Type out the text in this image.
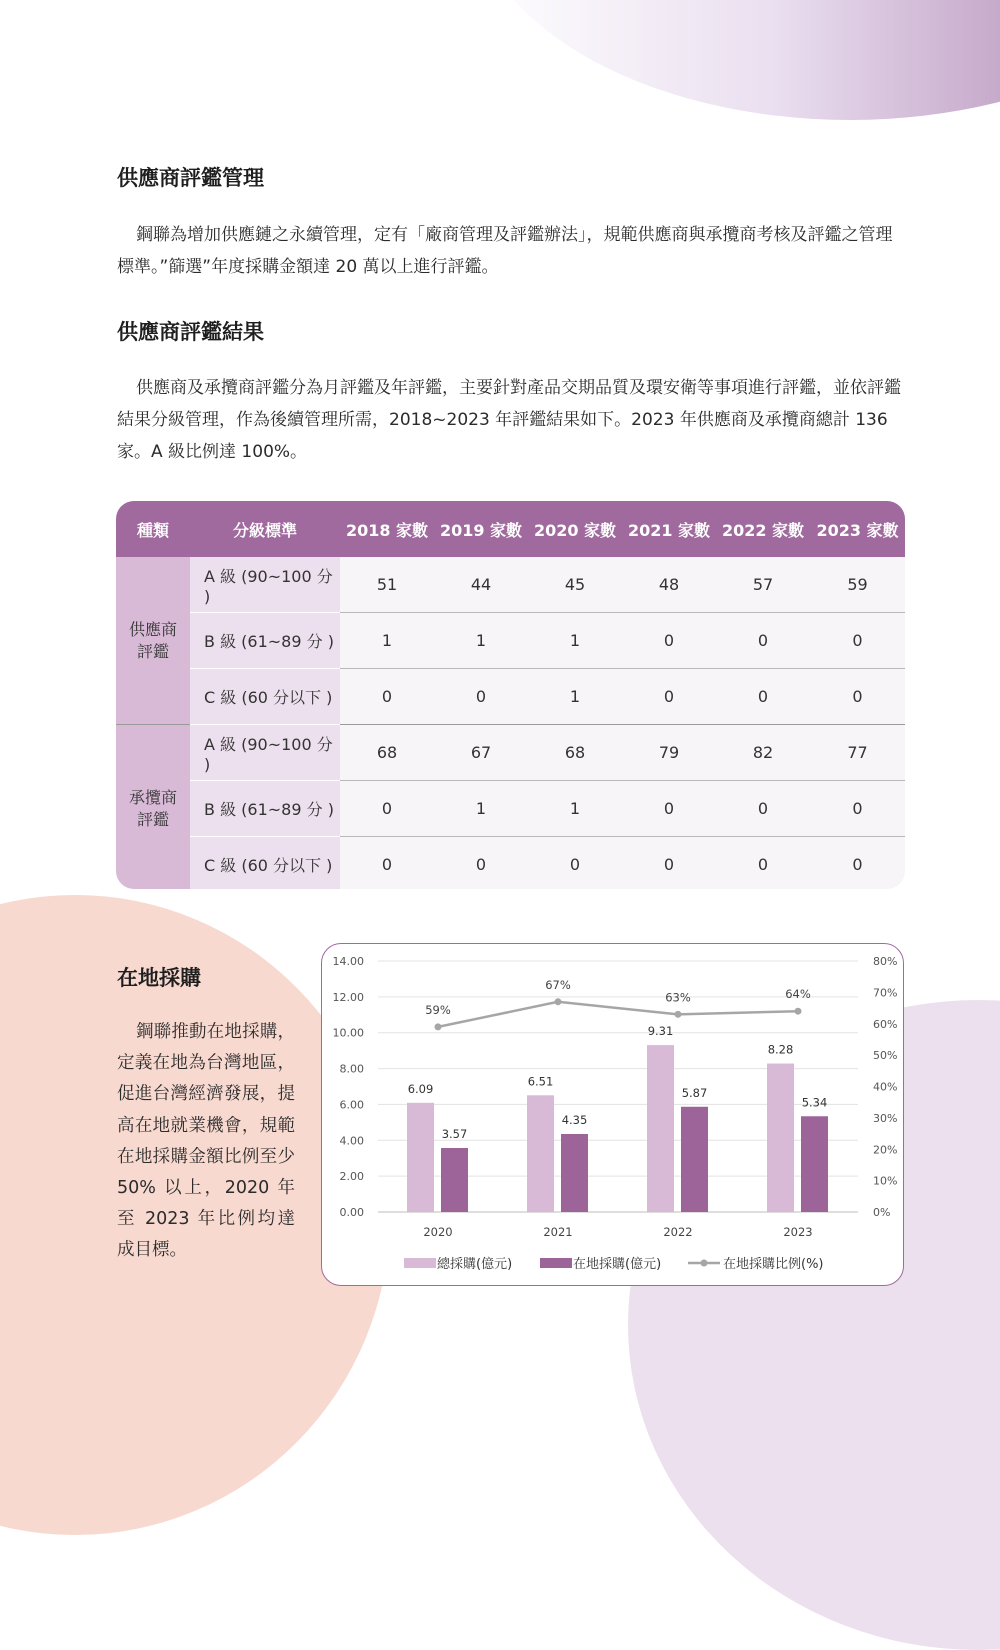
供應商評鑑管理

鋼聯為增加供應鏈之永續管理，定有「廠商管理及評鑑辦法」，規範供應商與承攬商考核及評鑑之管理標準。”篩選”年度採購金額達 20 萬以上進行評鑑。

供應商評鑑結果

供應商及承攬商評鑑分為月評鑑及年評鑑，主要針對產品交期品質及環安衛等事項進行評鑑，並依評鑑結果分級管理，作為後續管理所需，2018~2023 年評鑑結果如下。2023 年供應商及承攬商總計 136 家。A 級比例達 100%。

種類	分級標準	2018 家數	2019 家數	2020 家數	2021 家數	2022 家數	2023 家數
供應商
評鑑	A 級 (90~100 分 )	51	44	45	48	57	59
	B 級 (61~89 分 )	1	1	1	0	0	0
	C 級 (60 分以下 )	0	0	1	0	0	0
承攬商
評鑑	A 級 (90~100 分 )	68	67	68	79	82	77
	B 級 (61~89 分 )	0	1	1	0	0	0
	C 級 (60 分以下 )	0	0	0	0	0	0
在地採購

鋼聯推動在地採購，定義在地為台灣地區，促進台灣經濟發展，提高在地就業機會，規範在地採購金額比例至少 50% 以上，2020 年 至 2023 年比例均達成目標。

0.00
2.00
4.00
6.00
8.00
10.00
12.00
14.00
0%
10%
20%
30%
40%
50%
60%
70%
80%
6.09
3.57
2020
6.51
4.35
2021
9.31
5.87
2022
8.28
5.34
2023
59%
67%
63%	64%
總採購(億元)	在地採購(億元)	在地採購比例(%)
